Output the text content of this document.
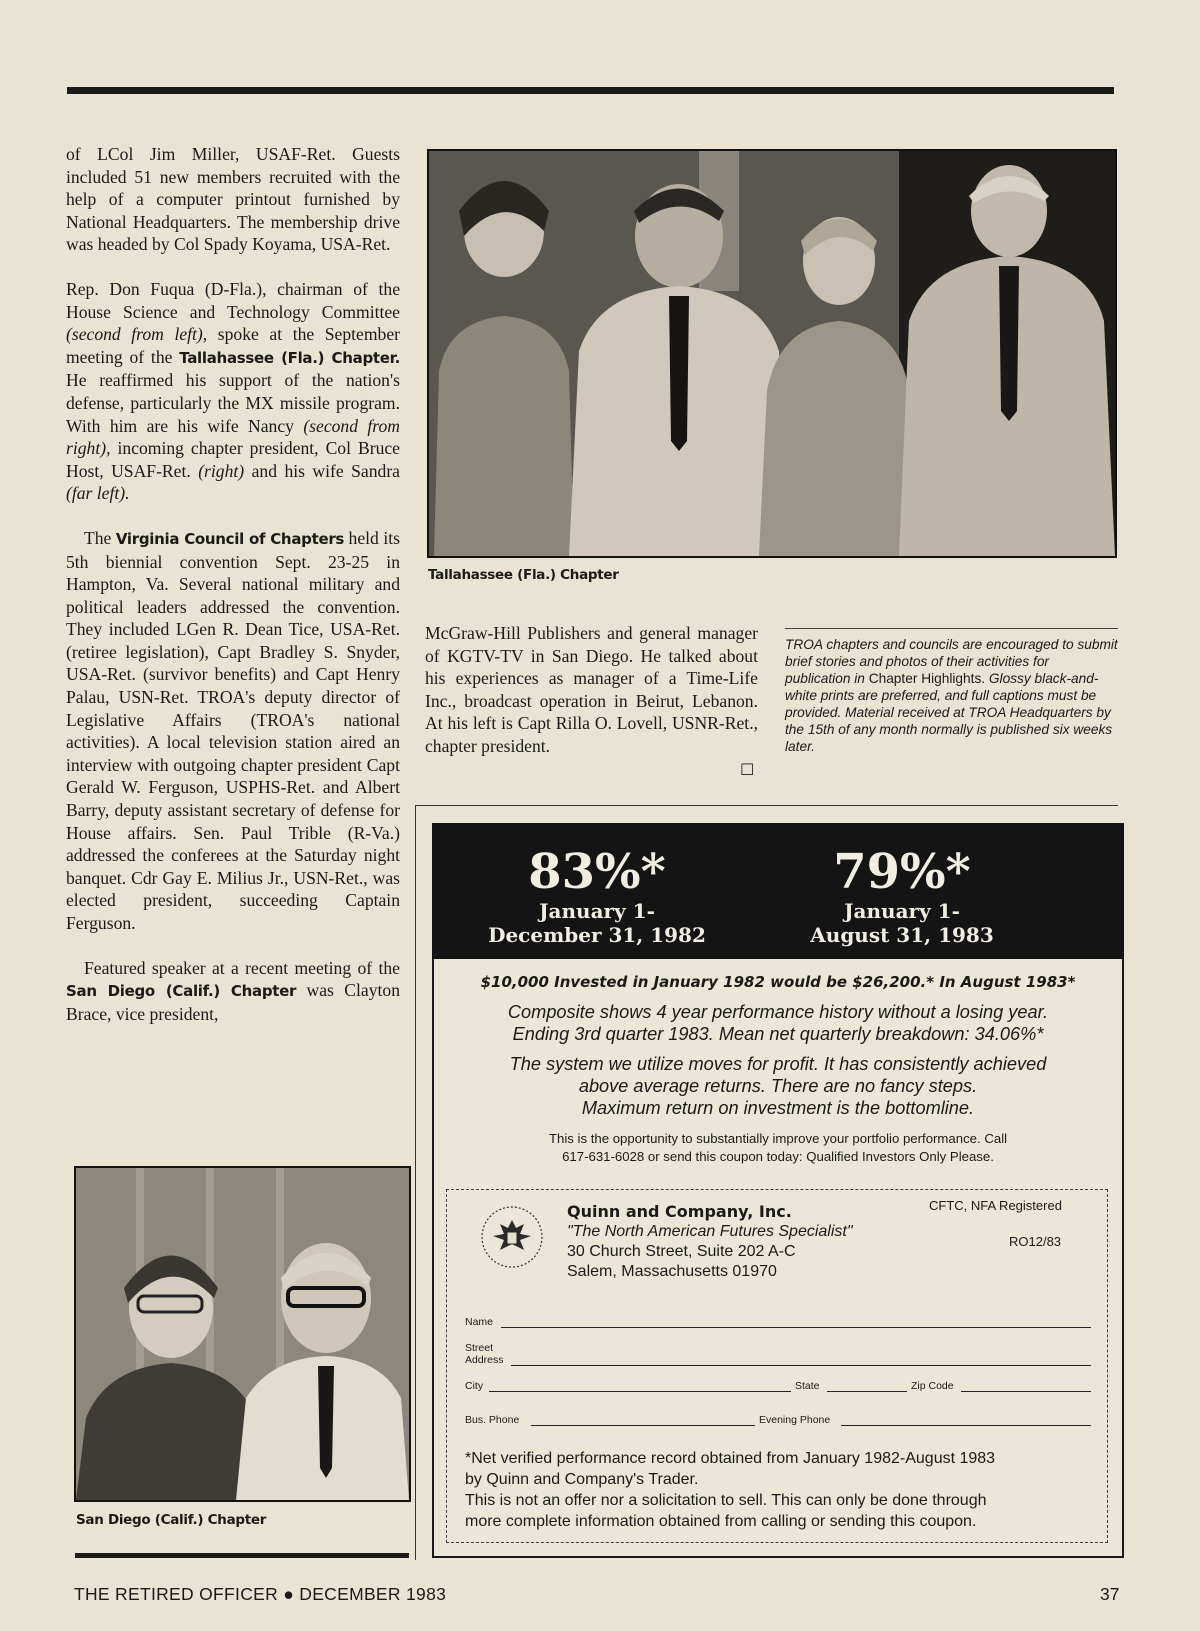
of LCol Jim Miller, USAF-Ret. Guests included 51 new members recruited with the help of a computer printout furnished by National Headquarters. The membership drive was headed by Col Spady Koyama, USA-Ret.

Rep. Don Fuqua (D-Fla.), chairman of the House Science and Technology Committee (second from left), spoke at the September meeting of the Tallahassee (Fla.) Chapter. He reaffirmed his support of the nation's defense, particularly the MX missile program. With him are his wife Nancy (second from right), incoming chapter president, Col Bruce Host, USAF-Ret. (right) and his wife Sandra (far left).

The Virginia Council of Chapters held its 5th biennial convention Sept. 23-25 in Hampton, Va. Several national military and political leaders addressed the convention. They included LGen R. Dean Tice, USA-Ret. (retiree legislation), Capt Bradley S. Snyder, USA-Ret. (survivor benefits) and Capt Henry Palau, USN-Ret. TROA's deputy director of Legislative Affairs (TROA's national activities). A local television station aired an interview with outgoing chapter president Capt Gerald W. Ferguson, USPHS-Ret. and Albert Barry, deputy assistant secretary of defense for House affairs. Sen. Paul Trible (R-Va.) addressed the conferees at the Saturday night banquet. Cdr Gay E. Milius Jr., USN-Ret., was elected president, succeeding Captain Ferguson.

Featured speaker at a recent meeting of the San Diego (Calif.) Chapter was Clayton Brace, vice president,

Tallahassee (Fla.) Chapter

McGraw-Hill Publishers and general manager of KGTV-TV in San Diego. He talked about his experiences as manager of a Time-Life Inc., broadcast operation in Beirut, Lebanon. At his left is Capt Rilla O. Lovell, USNR-Ret., chapter president.

☐

TROA chapters and councils are encouraged to submit brief stories and photos of their activities for publication in Chapter Highlights. Glossy black-and-white prints are preferred, and full captions must be provided. Material received at TROA Headquarters by the 15th of any month normally is published six weeks later.

83%*
January 1-
December 31, 1982
79%*
January 1-
August 31, 1983
$10,000 Invested in January 1982 would be $26,200.* In August 1983*

Composite shows 4 year performance history without a losing year.

Ending 3rd quarter 1983. Mean net quarterly breakdown: 34.06%*

The system we utilize moves for profit. It has consistently achieved

above average returns. There are no fancy steps.

Maximum return on investment is the bottomline.

This is the opportunity to substantially improve your portfolio performance. Call

617-631-6028 or send this coupon today: Qualified Investors Only Please.

Quinn and Company, Inc.
"The North American Futures Specialist"
30 Church Street, Suite 202 A-C
Salem, Massachusetts 01970
CFTC, NFA Registered
RO12/83
Name
Street
Address
City	State	Zip Code
Bus. Phone	Evening Phone

*Net verified performance record obtained from January 1982-August 1983
by Quinn and Company's Trader.
This is not an offer nor a solicitation to sell. This can only be done through
more complete information obtained from calling or sending this coupon.

San Diego (Calif.) Chapter
THE RETIRED OFFICER ● DECEMBER 1983	37
